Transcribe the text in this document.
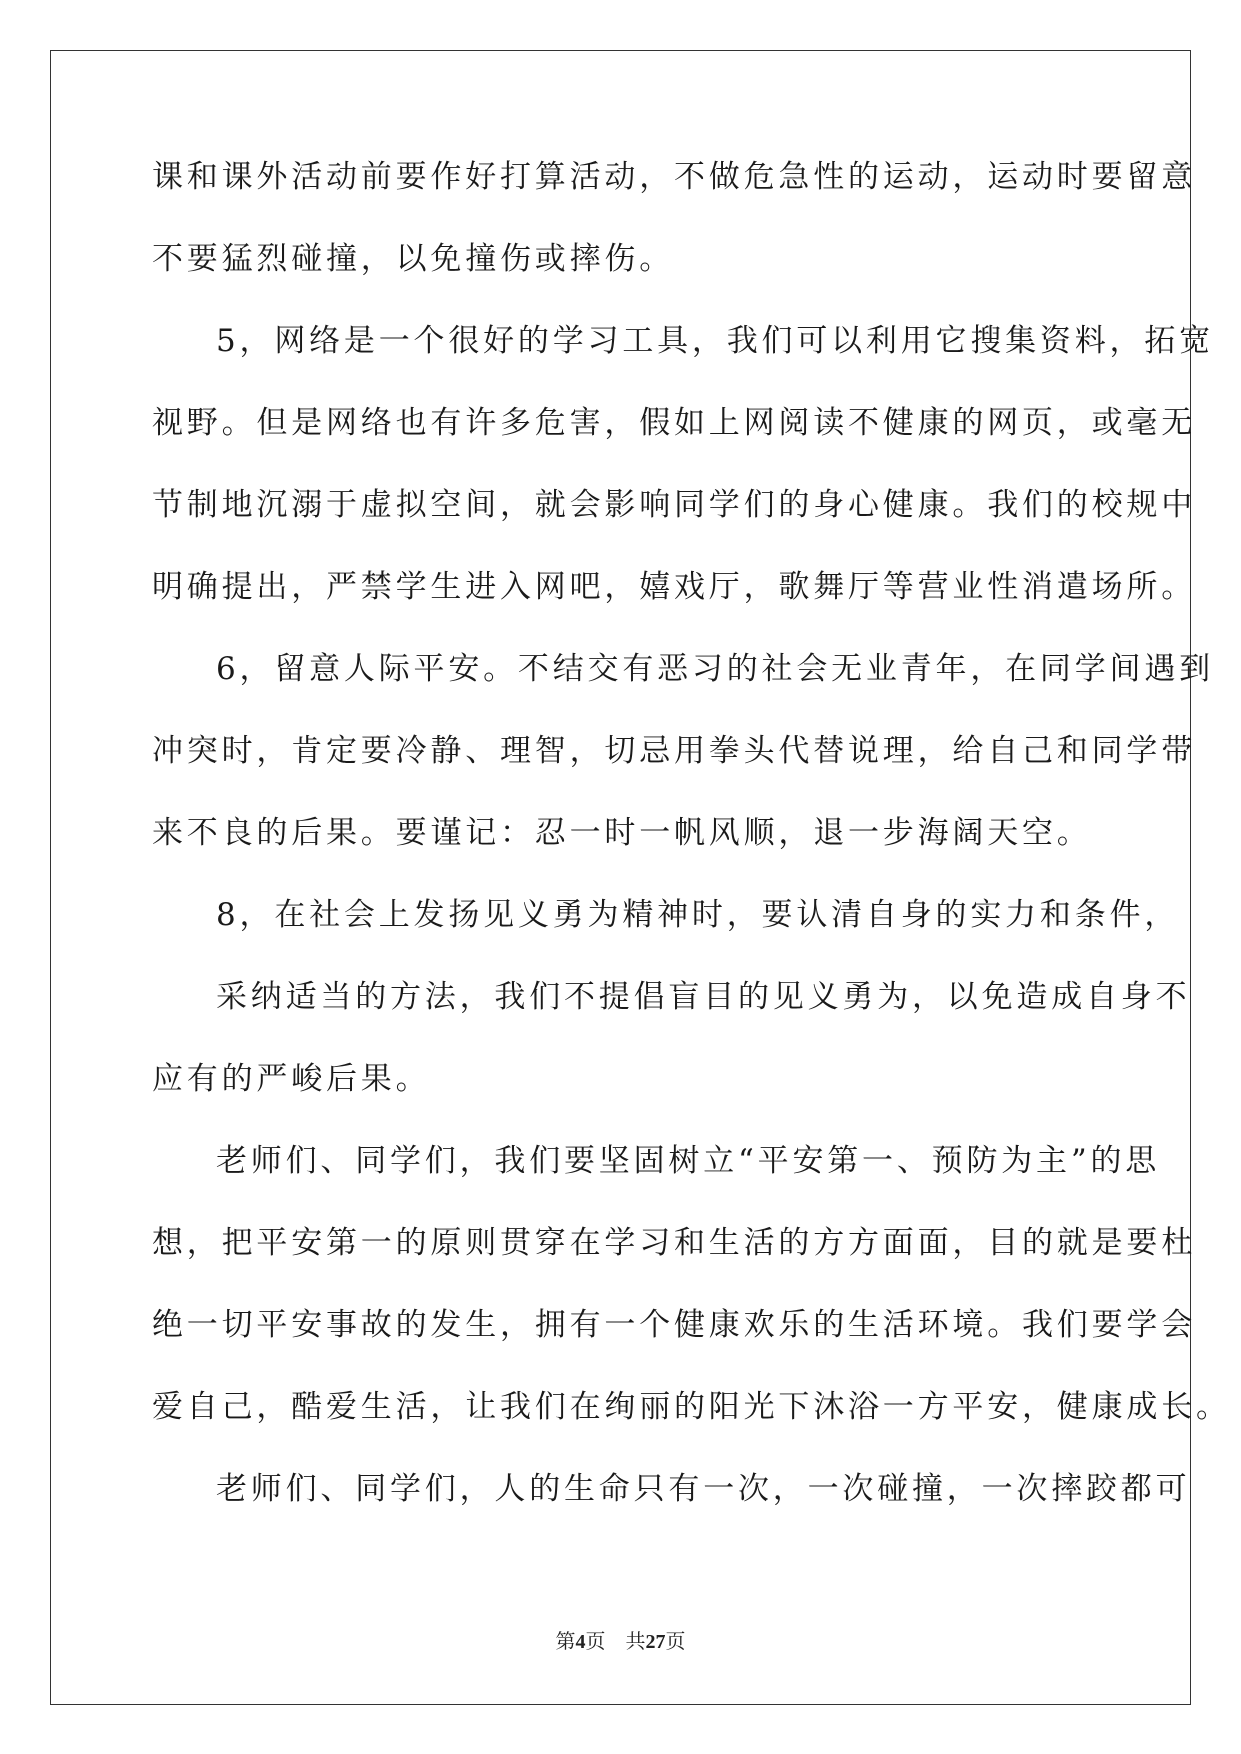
课和课外活动前要作好打算活动，不做危急性的运动，运动时要留意
不要猛烈碰撞，以免撞伤或摔伤。
5，网络是一个很好的学习工具，我们可以利用它搜集资料，拓宽
视野。但是网络也有许多危害，假如上网阅读不健康的网页，或毫无
节制地沉溺于虚拟空间，就会影响同学们的身心健康。我们的校规中
明确提出，严禁学生进入网吧，嬉戏厅，歌舞厅等营业性消遣场所。
6，留意人际平安。不结交有恶习的社会无业青年，在同学间遇到
冲突时，肯定要冷静、理智，切忌用拳头代替说理，给自己和同学带
来不良的后果。要谨记：忍一时一帆风顺，退一步海阔天空。
8，在社会上发扬见义勇为精神时，要认清自身的实力和条件，
采纳适当的方法，我们不提倡盲目的见义勇为，以免造成自身不
应有的严峻后果。
老师们、同学们，我们要坚固树立“平安第一、预防为主”的思
想，把平安第一的原则贯穿在学习和生活的方方面面，目的就是要杜
绝一切平安事故的发生，拥有一个健康欢乐的生活环境。我们要学会
爱自己，酷爱生活，让我们在绚丽的阳光下沐浴一方平安，健康成长。
老师们、同学们，人的生命只有一次，一次碰撞，一次摔跤都可
第4页 共27页
